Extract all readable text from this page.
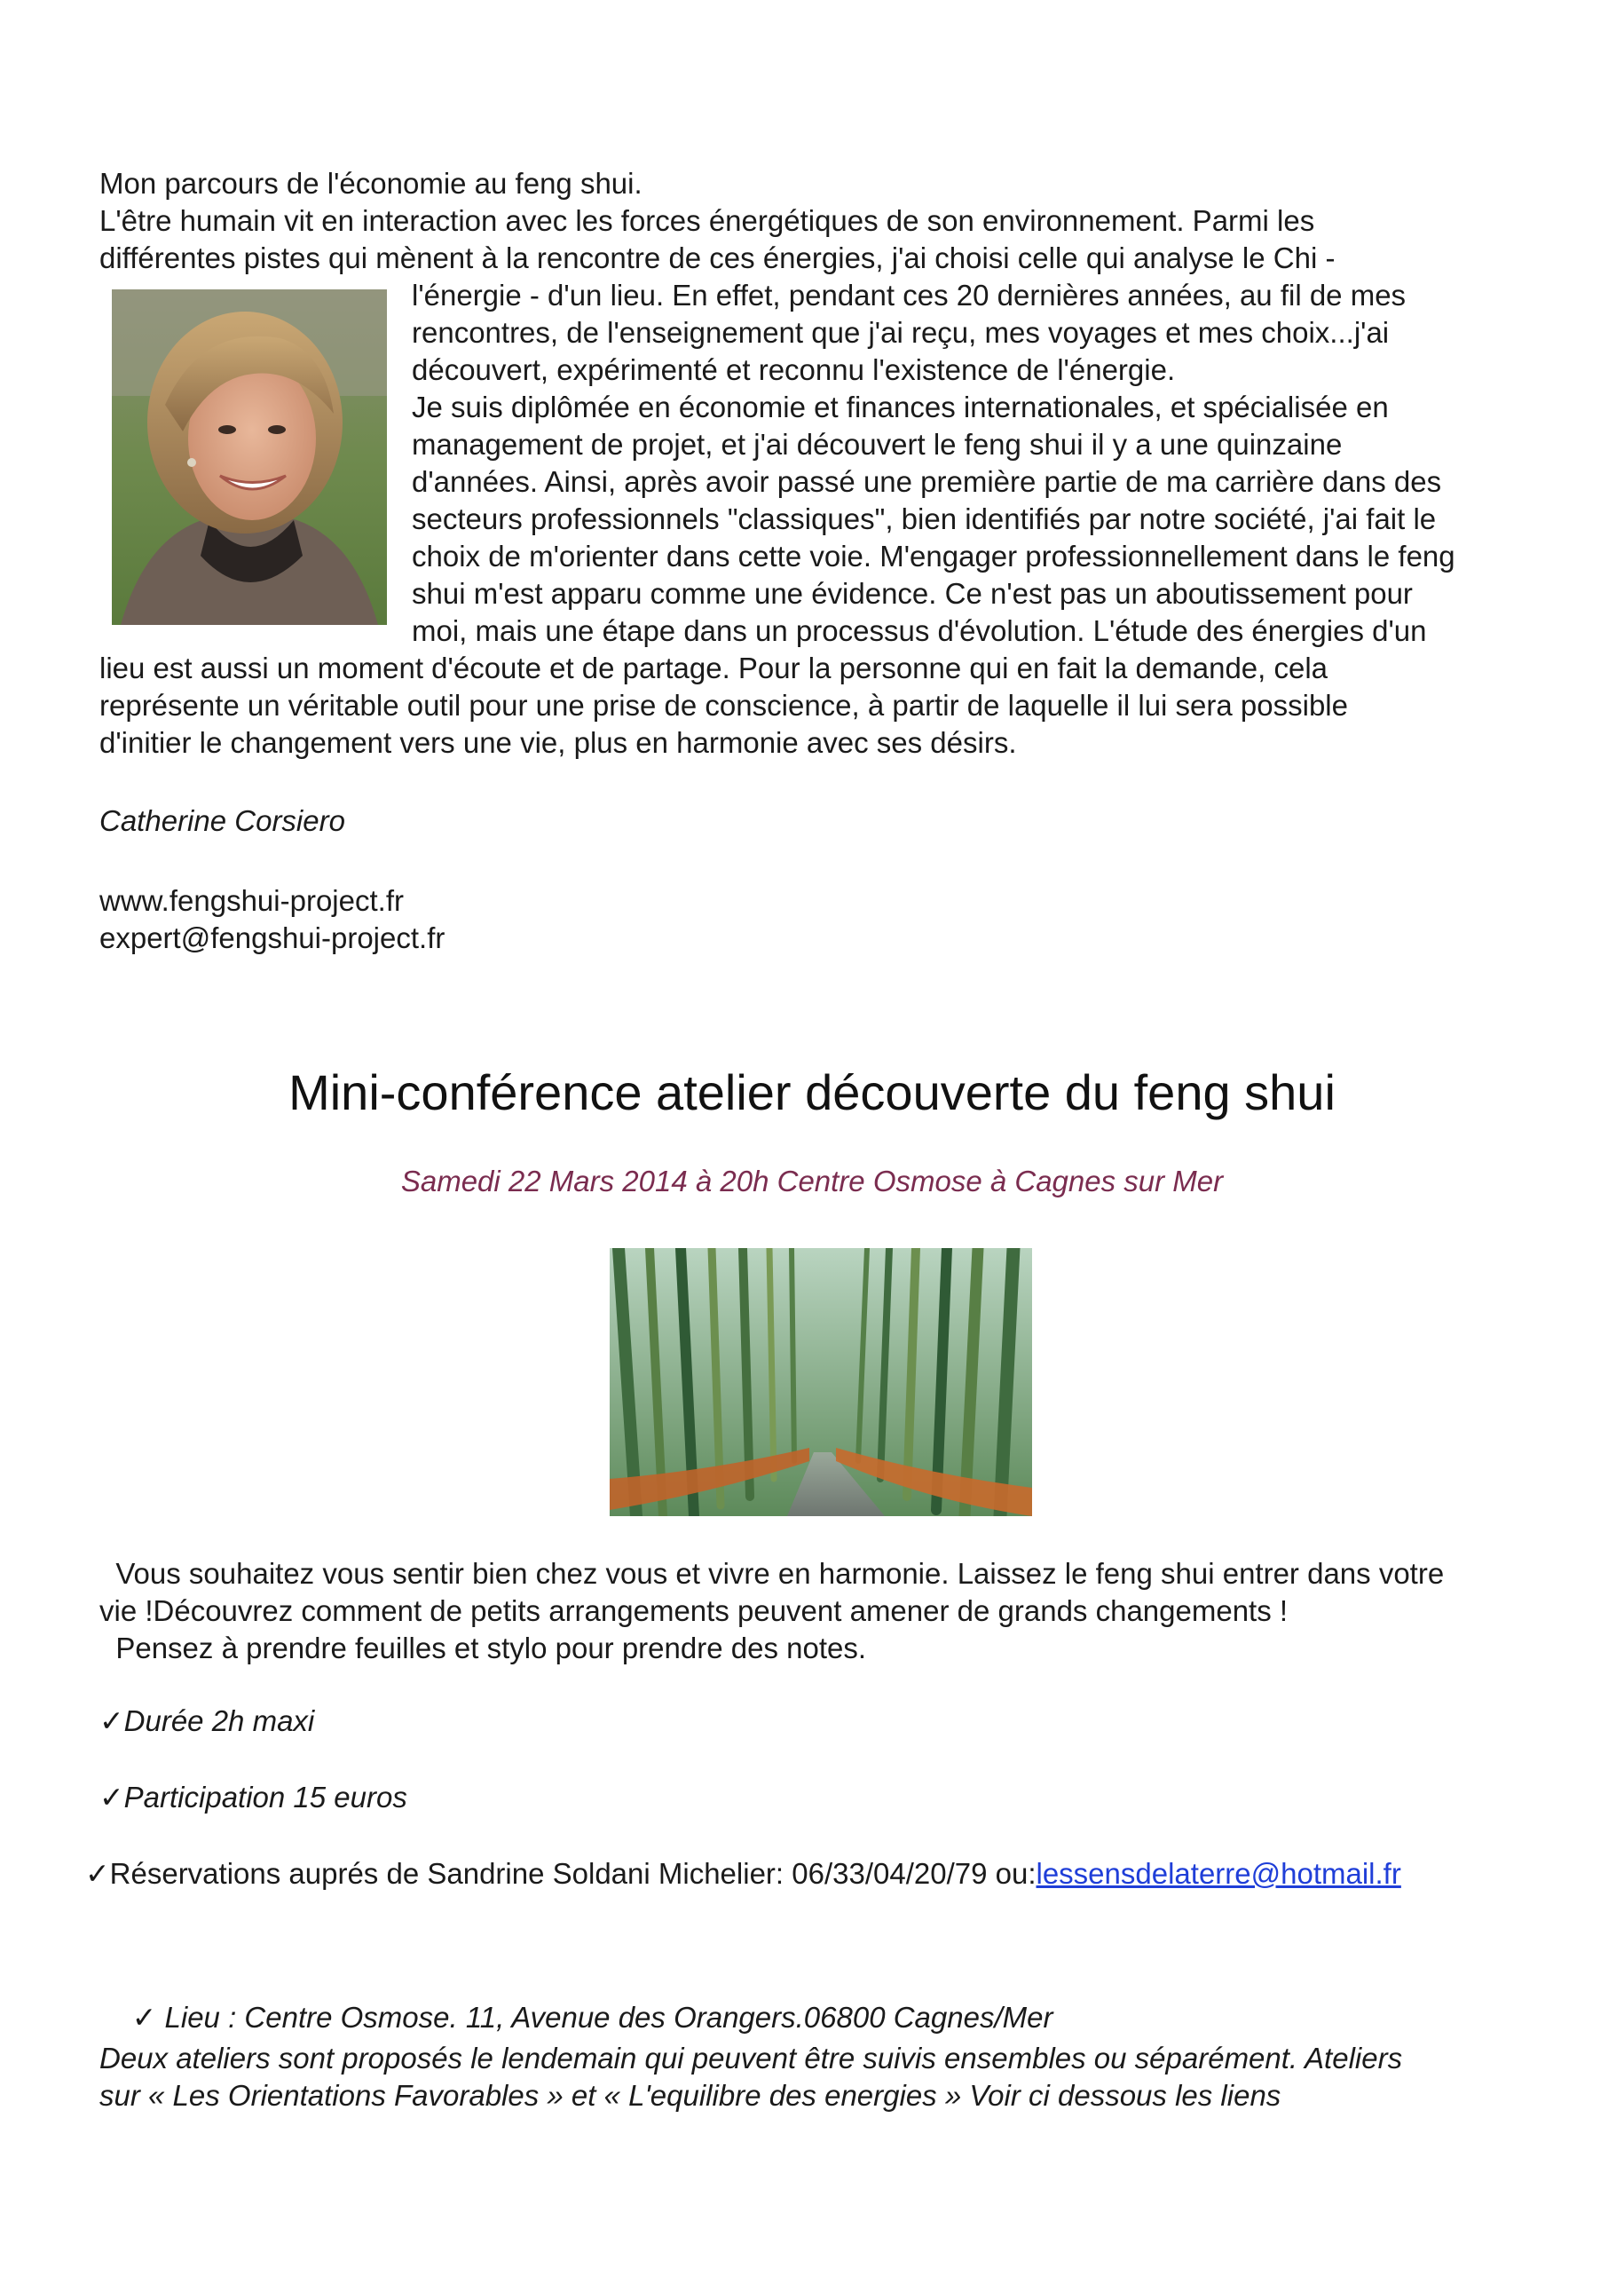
Mon parcours de l'économie au feng shui.
L'être humain vit en interaction avec les forces énergétiques de son environnement. Parmi les
différentes pistes qui mènent à la rencontre de ces énergies, j'ai choisi celle qui analyse le Chi -
l'énergie - d'un lieu. En effet, pendant ces 20 dernières années, au fil de mes
rencontres, de l'enseignement que j'ai reçu, mes voyages et mes choix...j'ai
découvert, expérimenté et reconnu l'existence de l'énergie.
Je suis diplômée en économie et finances internationales, et spécialisée en
management de projet, et j'ai découvert le feng shui il y a une quinzaine
d'années. Ainsi, après avoir passé une première partie de ma carrière dans des
secteurs professionnels "classiques", bien identifiés par notre société, j'ai fait le
choix de m'orienter dans cette voie. M'engager professionnellement dans le feng
shui m'est apparu comme une évidence. Ce n'est pas un aboutissement pour
moi, mais une étape dans un processus d'évolution. L'étude des énergies d'un
lieu est aussi un moment d'écoute et de partage. Pour la personne qui en fait la demande, cela
représente un véritable outil pour une prise de conscience, à partir de laquelle il lui sera possible
d'initier le changement vers une vie, plus en harmonie avec ses désirs.
Catherine Corsiero
www.fengshui-project.fr
expert@fengshui-project.fr
Mini-conférence atelier découverte du feng shui
Samedi 22 Mars 2014 à 20h Centre Osmose à Cagnes sur Mer
Vous souhaitez vous sentir bien chez vous et vivre en harmonie. Laissez le feng shui entrer dans votre
vie !Découvrez comment de petits arrangements peuvent amener de grands changements !
Pensez à prendre feuilles et stylo pour prendre des notes.
✓Durée 2h maxi
✓Participation 15 euros
✓Réservations auprés de Sandrine Soldani Michelier: 06/33/04/20/79 ou:lessensdelaterre@hotmail.fr

✓ Lieu : Centre Osmose. 11, Avenue des Orangers.06800 Cagnes/Mer

Deux ateliers sont proposés le lendemain qui peuvent être suivis ensembles ou séparément. Ateliers
sur « Les Orientations Favorables » et « L'equilibre des energies » Voir ci dessous les liens
